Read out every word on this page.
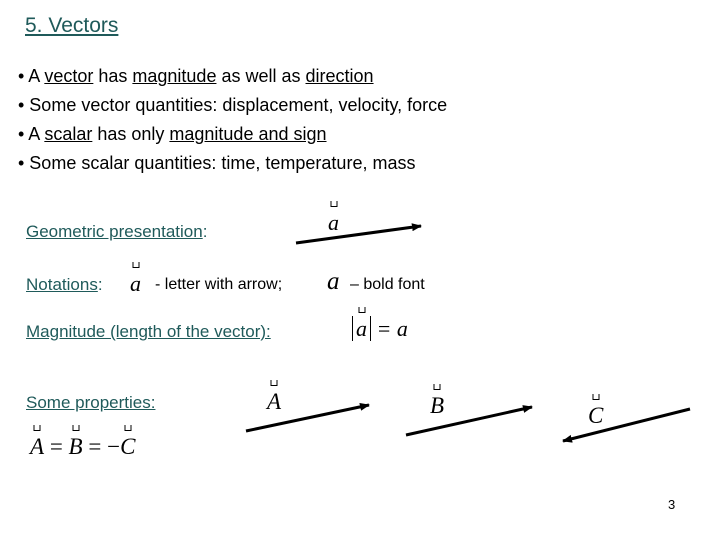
5. Vectors
• A vector has magnitude as well as direction
• Some vector quantities: displacement, velocity, force
• A scalar has only magnitude and sign
• Some scalar quantities: time, temperature, mass
Geometric presentation:	a
Notations: a - letter with arrow; a – bold font
Magnitude (length of the vector):	a = a
Some properties:	A	B	C
A = B = −
C
3
